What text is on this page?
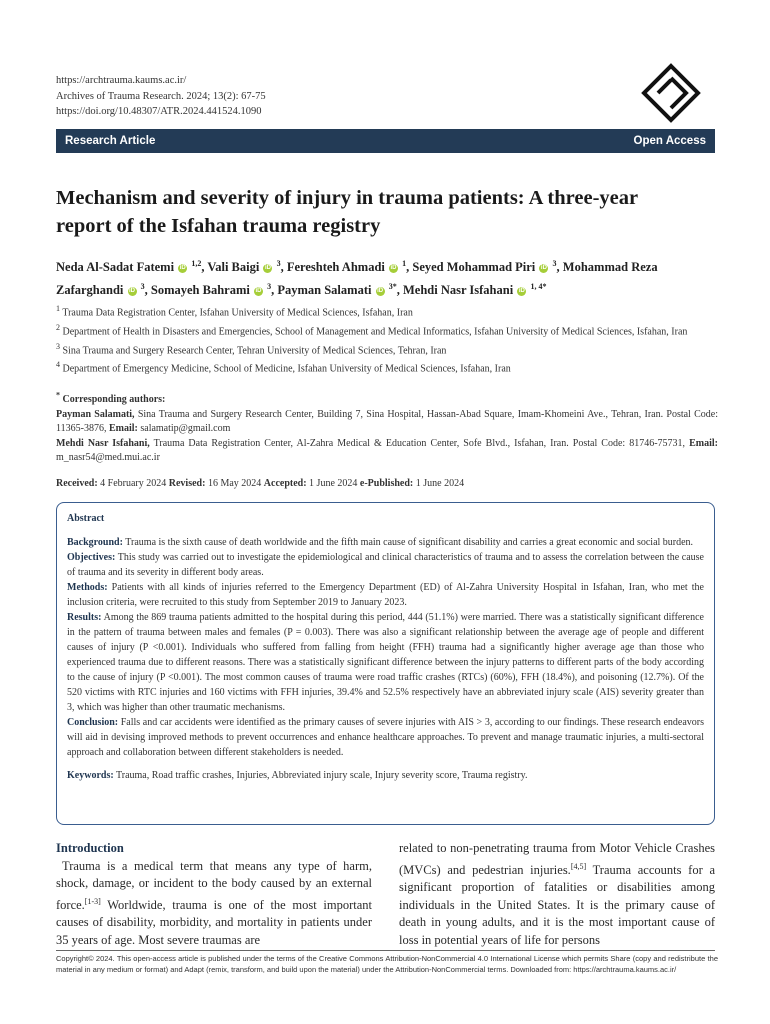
https://archtrauma.kaums.ac.ir/
Archives of Trauma Research. 2024; 13(2): 67-75
https://doi.org/10.48307/ATR.2024.441524.1090
Research Article	Open Access
Mechanism and severity of injury in trauma patients: A three-year
report of the Isfahan trauma registry
Neda Al-Sadat Fatemi iD $^{1,2}$, Vali Baigi iD $^3$, Fereshteh Ahmadi iD $^1$, Seyed Mohammad Piri iD $^3$, Mohammad Reza Zafarghandi iD $^3$, Somayeh Bahrami iD $^3$, Payman Salamati iD $^{3*}$, Mehdi Nasr Isfahani iD $^{1, 4*}$

$^1$ Trauma Data Registration Center, Isfahan University of Medical Sciences, Isfahan, Iran

$^2$ Department of Health in Disasters and Emergencies, School of Management and Medical Informatics, Isfahan University of Medical Sciences, Isfahan, Iran

$^3$ Sina Trauma and Surgery Research Center, Tehran University of Medical Sciences, Tehran, Iran

$^4$ Department of Emergency Medicine, School of Medicine, Isfahan University of Medical Sciences, Isfahan, Iran

* Corresponding authors:

Payman Salamati, Sina Trauma and Surgery Research Center, Building 7, Sina Hospital, Hassan-Abad Square, Imam-Khomeini Ave., Tehran, Iran. Postal Code: 11365-3876, Email: salamatip@gmail.com

Mehdi Nasr Isfahani, Trauma Data Registration Center, Al-Zahra Medical & Education Center, Sofe Blvd., Isfahan, Iran. Postal Code: 81746-75731, Email: m_nasr54@med.mui.ac.ir

Received: 4 February 2024 Revised: 16 May 2024 Accepted: 1 June 2024 e-Published: 1 June 2024

Abstract

Background: Trauma is the sixth cause of death worldwide and the fifth main cause of significant disability and carries a great economic and social burden.

Objectives: This study was carried out to investigate the epidemiological and clinical characteristics of trauma and to assess the correlation between the cause of trauma and its severity in different body areas.

Methods: Patients with all kinds of injuries referred to the Emergency Department (ED) of Al-Zahra University Hospital in Isfahan, Iran, who met the inclusion criteria, were recruited to this study from September 2019 to January 2023.

Results: Among the 869 trauma patients admitted to the hospital during this period, 444 (51.1%) were married. There was a statistically significant difference in the pattern of trauma between males and females (P = 0.003). There was also a significant relationship between the average age of people and different causes of injury (P <0.001). Individuals who suffered from falling from height (FFH) trauma had a significantly higher average age than those who experienced trauma due to different reasons. There was a statistically significant difference between the injury patterns to different parts of the body according to the cause of injury (P <0.001). The most common causes of trauma were road traffic crashes (RTCs) (60%), FFH (18.4%), and poisoning (12.7%). Of the 520 victims with RTC injuries and 160 victims with FFH injuries, 39.4% and 52.5% respectively have an abbreviated injury scale (AIS) severity greater than 3, which was higher than other traumatic mechanisms.

Conclusion: Falls and car accidents were identified as the primary causes of severe injuries with AIS > 3, according to our findings. These research endeavors will aid in devising improved methods to prevent occurrences and enhance healthcare approaches. To prevent and manage traumatic injuries, a multi-sectoral approach and collaboration between different stakeholders is needed.

Keywords: Trauma, Road traffic crashes, Injuries, Abbreviated injury scale, Injury severity score, Trauma registry.

Introduction
Trauma is a medical term that means any type of harm, shock, damage, or incident to the body caused by an external force.[1-3] Worldwide, trauma is one of the most important causes of disability, morbidity, and mortality in patients under 35 years of age. Most severe traumas are
related to non-penetrating trauma from Motor Vehicle Crashes (MVCs) and pedestrian injuries.[4,5] Trauma accounts for a significant proportion of fatalities or disabilities among individuals in the United States. It is the primary cause of death in young adults, and it is the most important cause of loss in potential years of life for persons
Copyright© 2024. This open-access article is published under the terms of the Creative Commons Attribution-NonCommercial 4.0 International License which permits Share (copy and redistribute the material in any medium or format) and Adapt (remix, transform, and build upon the material) under the Attribution-NonCommercial terms. Downloaded from: https://archtrauma.kaums.ac.ir/
